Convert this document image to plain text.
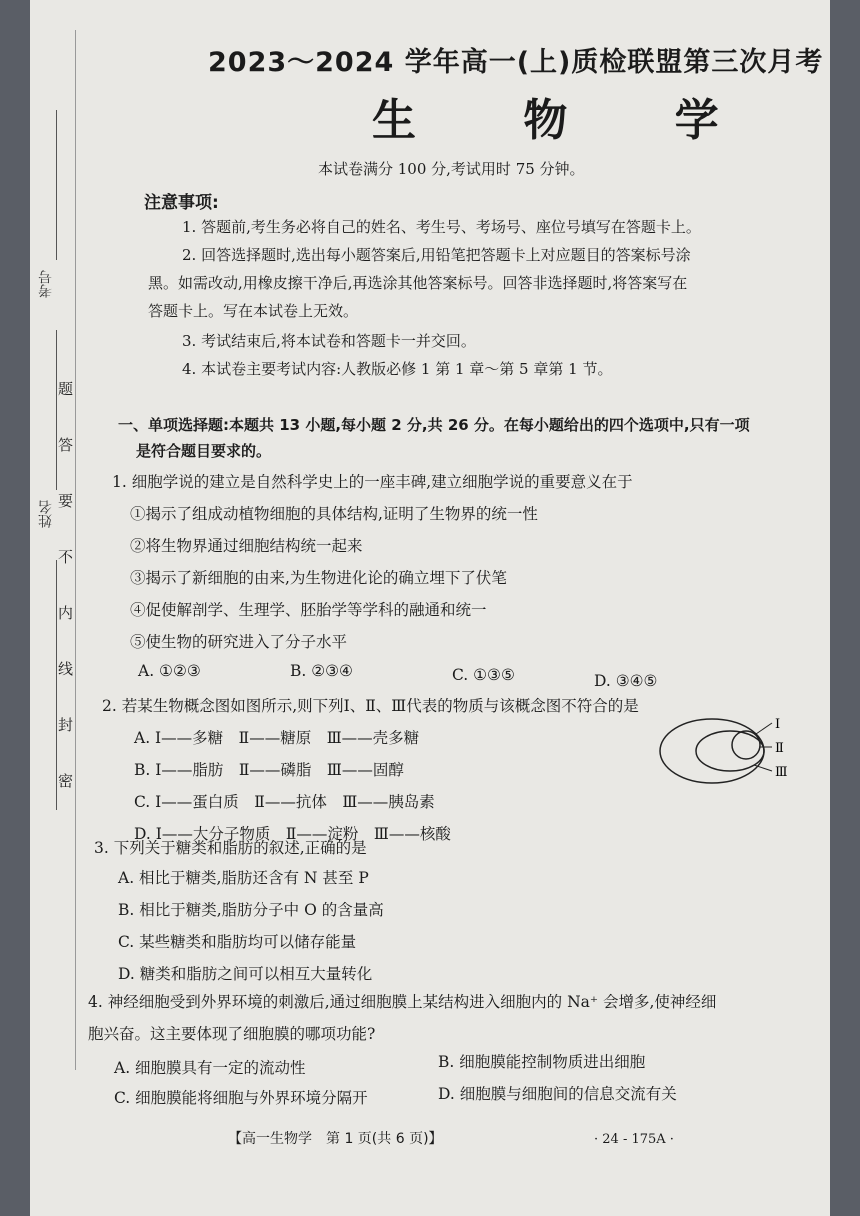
考号
姓名
密
封
线
内
不
要
答
题
2023～2024 学年高一(上)质检联盟第三次月考
生 物 学
本试卷满分 100 分,考试用时 75 分钟。
注意事项:
1. 答题前,考生务必将自己的姓名、考生号、考场号、座位号填写在答题卡上。
2. 回答选择题时,选出每小题答案后,用铅笔把答题卡上对应题目的答案标号涂
黑。如需改动,用橡皮擦干净后,再选涂其他答案标号。回答非选择题时,将答案写在
答题卡上。写在本试卷上无效。
3. 考试结束后,将本试卷和答题卡一并交回。
4. 本试卷主要考试内容:人教版必修 1 第 1 章～第 5 章第 1 节。
一、单项选择题:本题共 13 小题,每小题 2 分,共 26 分。在每小题给出的四个选项中,只有一项
是符合题目要求的。
1. 细胞学说的建立是自然科学史上的一座丰碑,建立细胞学说的重要意义在于
①揭示了组成动植物细胞的具体结构,证明了生物界的统一性
②将生物界通过细胞结构统一起来
③揭示了新细胞的由来,为生物进化论的确立埋下了伏笔
④促使解剖学、生理学、胚胎学等学科的融通和统一
⑤使生物的研究进入了分子水平
A. ①②③	B. ②③④	C. ①③⑤	D. ③④⑤
2. 若某生物概念图如图所示,则下列Ⅰ、Ⅱ、Ⅲ代表的物质与该概念图不符合的是
A. Ⅰ——多糖　Ⅱ——糖原　Ⅲ——壳多糖
B. Ⅰ——脂肪　Ⅱ——磷脂　Ⅲ——固醇
C. Ⅰ——蛋白质　Ⅱ——抗体　Ⅲ——胰岛素
D. Ⅰ——大分子物质　Ⅱ——淀粉　Ⅲ——核酸
Ⅰ
Ⅱ
Ⅲ
3. 下列关于糖类和脂肪的叙述,正确的是
A. 相比于糖类,脂肪还含有 N 甚至 P
B. 相比于糖类,脂肪分子中 O 的含量高
C. 某些糖类和脂肪均可以储存能量
D. 糖类和脂肪之间可以相互大量转化
4. 神经细胞受到外界环境的刺激后,通过细胞膜上某结构进入细胞内的 Na⁺ 会增多,使神经细
胞兴奋。这主要体现了细胞膜的哪项功能?
A. 细胞膜具有一定的流动性	B. 细胞膜能控制物质进出细胞
C. 细胞膜能将细胞与外界环境分隔开	D. 细胞膜与细胞间的信息交流有关
【高一生物学　第 1 页(共 6 页)】	· 24 - 175A ·
